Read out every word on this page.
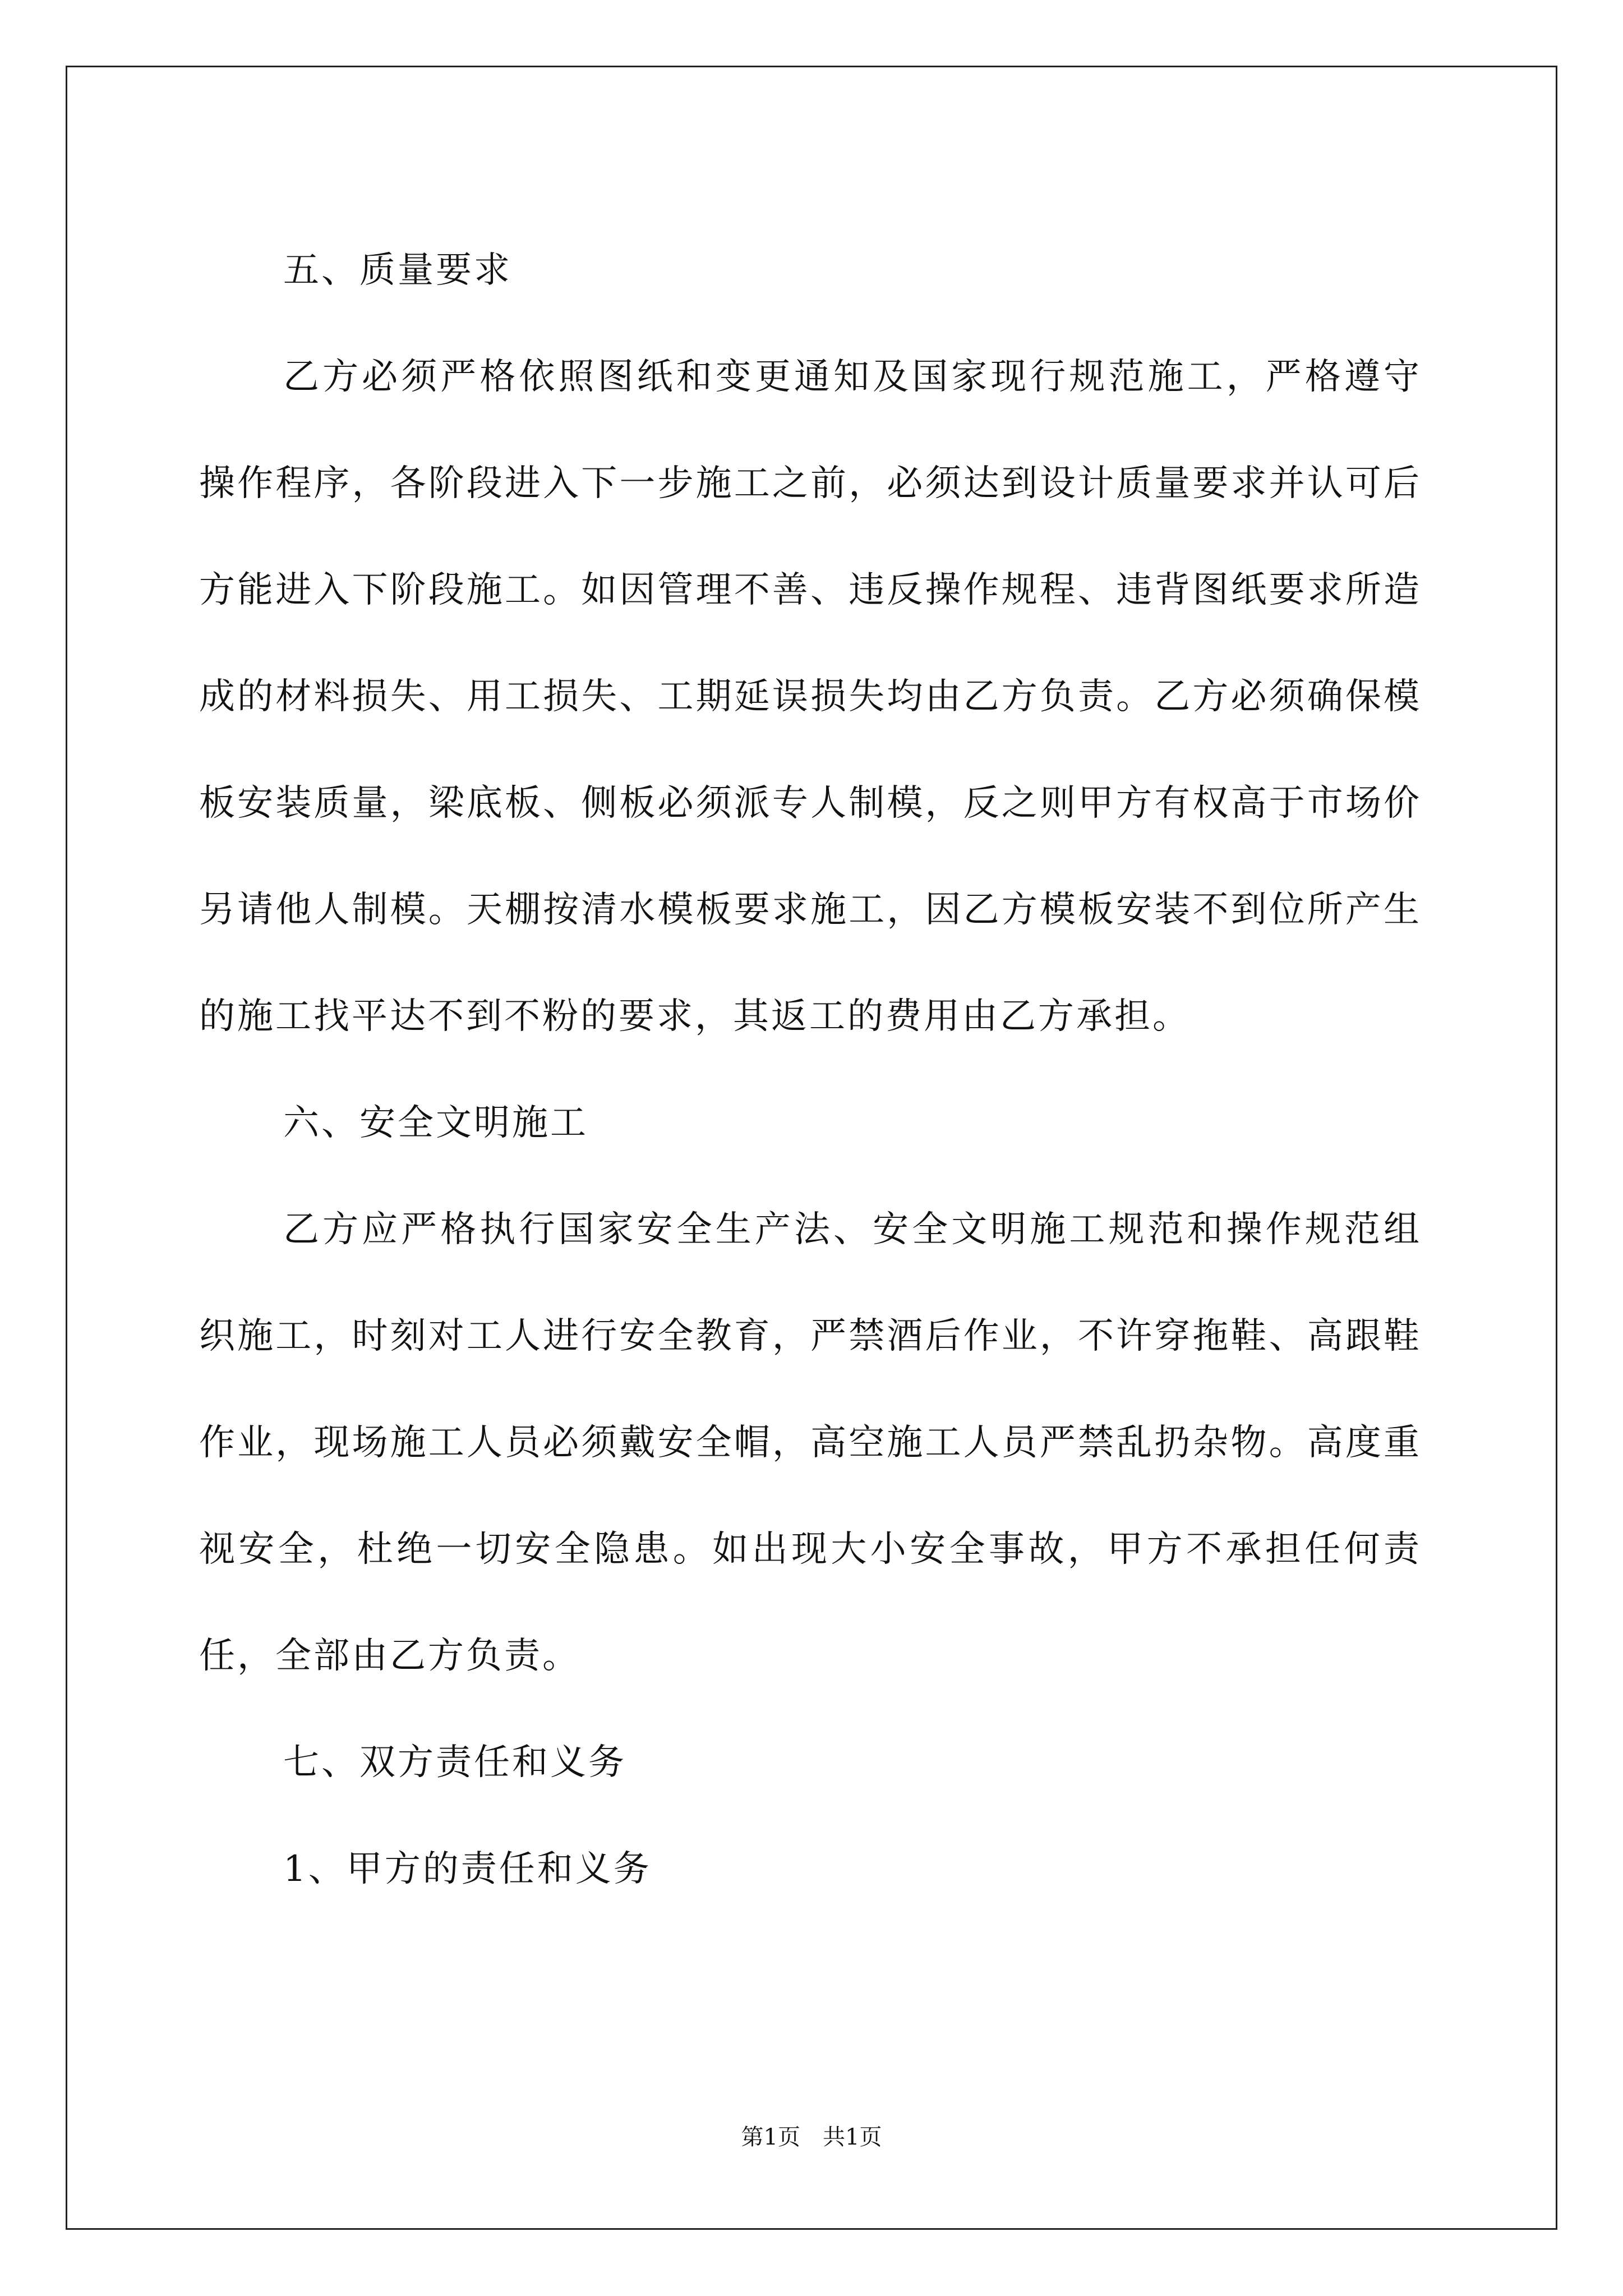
五、质量要求

乙方必须严格依照图纸和变更通知及国家现行规范施工，严格遵守操作程序，各阶段进入下一步施工之前，必须达到设计质量要求并认可后方能进入下阶段施工。如因管理不善、违反操作规程、违背图纸要求所造成的材料损失、用工损失、工期延误损失均由乙方负责。乙方必须确保模板安装质量，梁底板、侧板必须派专人制模，反之则甲方有权高于市场价另请他人制模。天棚按清水模板要求施工，因乙方模板安装不到位所产生的施工找平达不到不粉的要求，其返工的费用由乙方承担。

六、安全文明施工

乙方应严格执行国家安全生产法、安全文明施工规范和操作规范组织施工，时刻对工人进行安全教育，严禁酒后作业，不许穿拖鞋、高跟鞋作业，现场施工人员必须戴安全帽，高空施工人员严禁乱扔杂物。高度重视安全，杜绝一切安全隐患。如出现大小安全事故，甲方不承担任何责任，全部由乙方负责。

七、双方责任和义务

1、甲方的责任和义务

第1页　共1页
